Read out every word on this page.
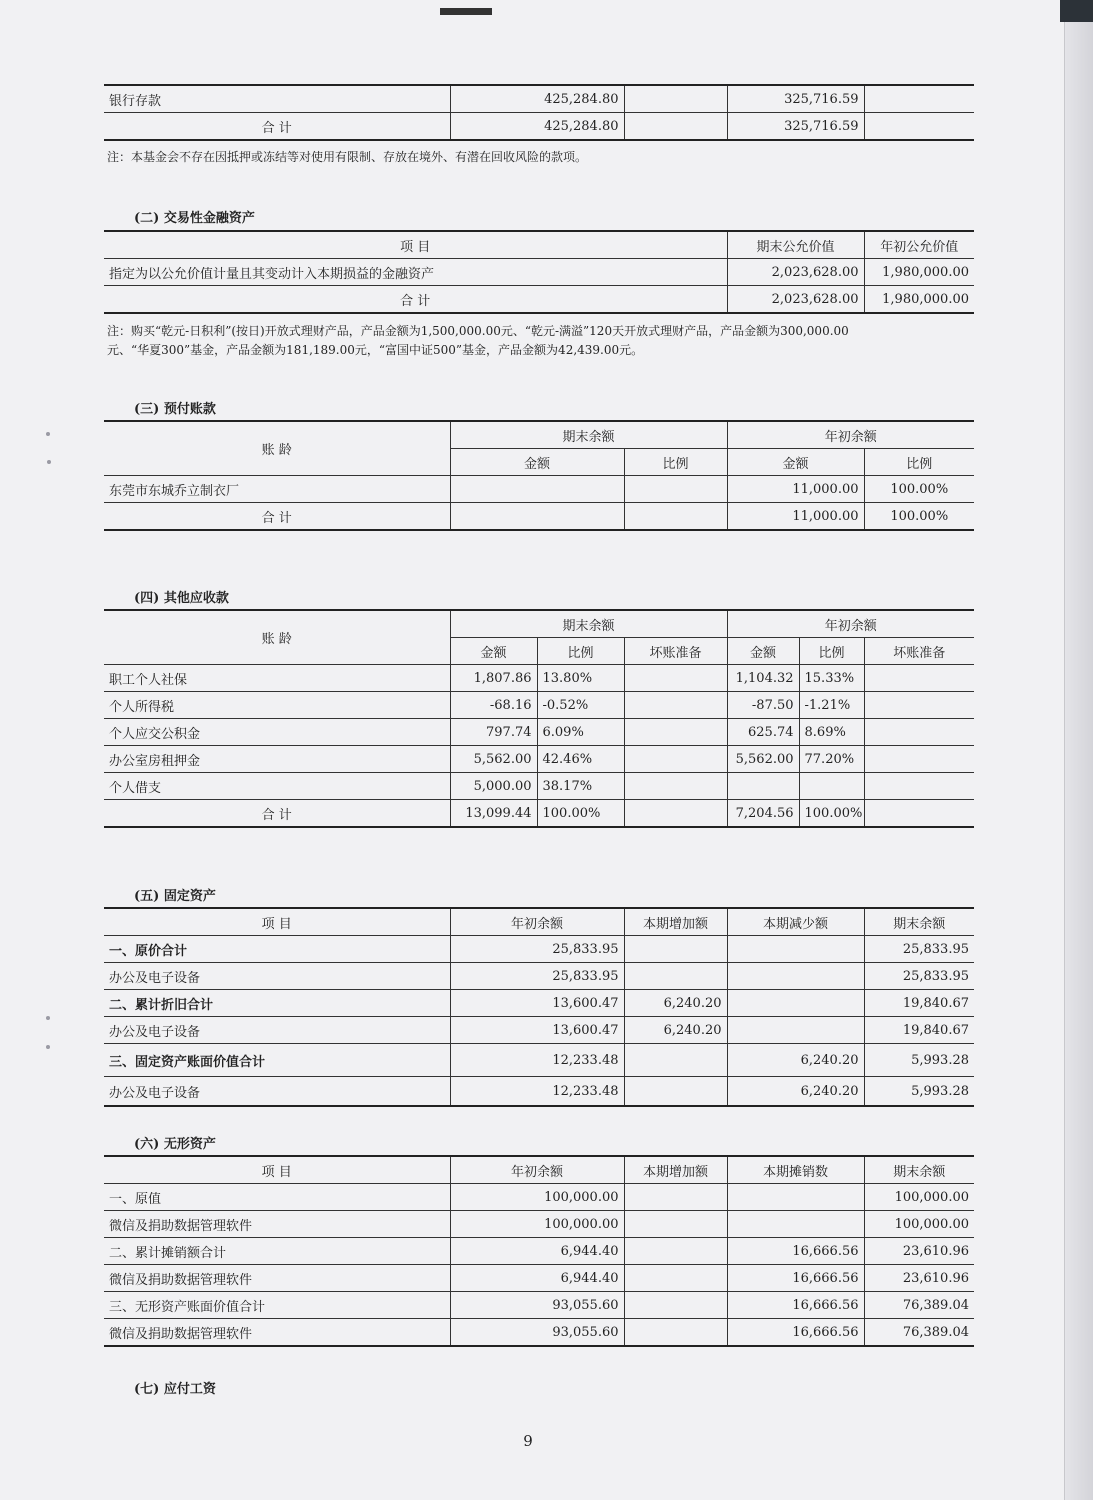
银行存款	425,284.80		325,716.59	
合 计	425,284.80		325,716.59	
注：本基金会不存在因抵押或冻结等对使用有限制、存放在境外、有潜在回收风险的款项。
(二) 交易性金融资产
项 目	期末公允价值	年初公允价值
指定为以公允价值计量且其变动计入本期损益的金融资产	2,023,628.00	1,980,000.00
合 计	2,023,628.00	1,980,000.00
注：购买“乾元-日积利”(按日)开放式理财产品，产品金额为1,500,000.00元、“乾元-满溢”120天开放式理财产品，产品金额为300,000.00
元、“华夏300”基金，产品金额为181,189.00元，“富国中证500”基金，产品金额为42,439.00元。
(三) 预付账款
账 龄	期末余额		年初余额	
	金额	比例	金额	比例
东莞市东城乔立制衣厂			11,000.00	100.00%
合 计			11,000.00	100.00%
(四) 其他应收款
账 龄	期末余额			年初余额		
	金额	比例	坏账准备	金额	比例	坏账准备
职工个人社保	1,807.86	13.80%		1,104.32	15.33%	
个人所得税	-68.16	-0.52%		-87.50	-1.21%	
个人应交公积金	797.74	6.09%		625.74	8.69%	
办公室房租押金	5,562.00	42.46%		5,562.00	77.20%	
个人借支	5,000.00	38.17%				
合 计	13,099.44	100.00%		7,204.56	100.00%	
(五) 固定资产
项 目	年初余额	本期增加额	本期减少额	期末余额
一、原价合计	25,833.95			25,833.95
办公及电子设备	25,833.95			25,833.95
二、累计折旧合计	13,600.47	6,240.20		19,840.67
办公及电子设备	13,600.47	6,240.20		19,840.67
三、固定资产账面价值合计	12,233.48		6,240.20	5,993.28
办公及电子设备	12,233.48		6,240.20	5,993.28
(六) 无形资产
项 目	年初余额	本期增加额	本期摊销数	期末余额
一、原值	100,000.00			100,000.00
微信及捐助数据管理软件	100,000.00			100,000.00
二、累计摊销额合计	6,944.40		16,666.56	23,610.96
微信及捐助数据管理软件	6,944.40		16,666.56	23,610.96
三、无形资产账面价值合计	93,055.60		16,666.56	76,389.04
微信及捐助数据管理软件	93,055.60		16,666.56	76,389.04
(七) 应付工资
9
